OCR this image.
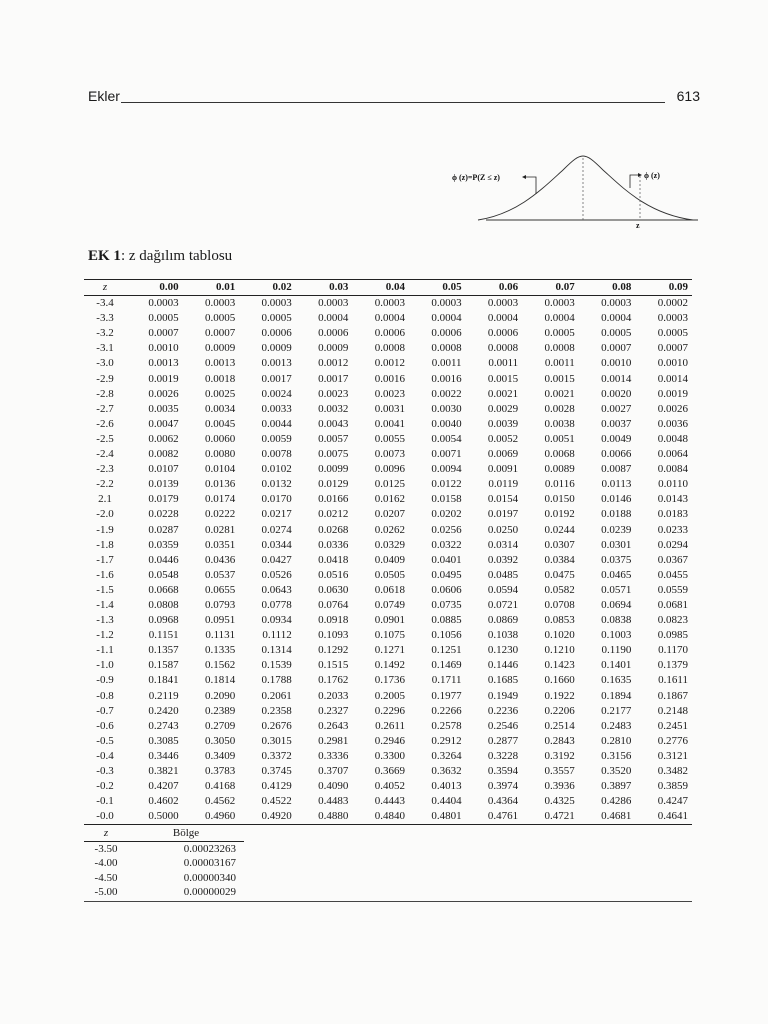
Ekler	613
ϕ (z)=P(Z ≤ z)	ϕ (z)
z
EK 1: z dağılım tablosu
z	0.00	0.01	0.02	0.03	0.04	0.05	0.06	0.07	0.08	0.09
-3.4	0.0003	0.0003	0.0003	0.0003	0.0003	0.0003	0.0003	0.0003	0.0003	0.0002
-3.3	0.0005	0.0005	0.0005	0.0004	0.0004	0.0004	0.0004	0.0004	0.0004	0.0003
-3.2	0.0007	0.0007	0.0006	0.0006	0.0006	0.0006	0.0006	0.0005	0.0005	0.0005
-3.1	0.0010	0.0009	0.0009	0.0009	0.0008	0.0008	0.0008	0.0008	0.0007	0.0007
-3.0	0.0013	0.0013	0.0013	0.0012	0.0012	0.0011	0.0011	0.0011	0.0010	0.0010
-2.9	0.0019	0.0018	0.0017	0.0017	0.0016	0.0016	0.0015	0.0015	0.0014	0.0014
-2.8	0.0026	0.0025	0.0024	0.0023	0.0023	0.0022	0.0021	0.0021	0.0020	0.0019
-2.7	0.0035	0.0034	0.0033	0.0032	0.0031	0.0030	0.0029	0.0028	0.0027	0.0026
-2.6	0.0047	0.0045	0.0044	0.0043	0.0041	0.0040	0.0039	0.0038	0.0037	0.0036
-2.5	0.0062	0.0060	0.0059	0.0057	0.0055	0.0054	0.0052	0.0051	0.0049	0.0048
-2.4	0.0082	0.0080	0.0078	0.0075	0.0073	0.0071	0.0069	0.0068	0.0066	0.0064
-2.3	0.0107	0.0104	0.0102	0.0099	0.0096	0.0094	0.0091	0.0089	0.0087	0.0084
-2.2	0.0139	0.0136	0.0132	0.0129	0.0125	0.0122	0.0119	0.0116	0.0113	0.0110
2.1	0.0179	0.0174	0.0170	0.0166	0.0162	0.0158	0.0154	0.0150	0.0146	0.0143
-2.0	0.0228	0.0222	0.0217	0.0212	0.0207	0.0202	0.0197	0.0192	0.0188	0.0183
-1.9	0.0287	0.0281	0.0274	0.0268	0.0262	0.0256	0.0250	0.0244	0.0239	0.0233
-1.8	0.0359	0.0351	0.0344	0.0336	0.0329	0.0322	0.0314	0.0307	0.0301	0.0294
-1.7	0.0446	0.0436	0.0427	0.0418	0.0409	0.0401	0.0392	0.0384	0.0375	0.0367
-1.6	0.0548	0.0537	0.0526	0.0516	0.0505	0.0495	0.0485	0.0475	0.0465	0.0455
-1.5	0.0668	0.0655	0.0643	0.0630	0.0618	0.0606	0.0594	0.0582	0.0571	0.0559
-1.4	0.0808	0.0793	0.0778	0.0764	0.0749	0.0735	0.0721	0.0708	0.0694	0.0681
-1.3	0.0968	0.0951	0.0934	0.0918	0.0901	0.0885	0.0869	0.0853	0.0838	0.0823
-1.2	0.1151	0.1131	0.1112	0.1093	0.1075	0.1056	0.1038	0.1020	0.1003	0.0985
-1.1	0.1357	0.1335	0.1314	0.1292	0.1271	0.1251	0.1230	0.1210	0.1190	0.1170
-1.0	0.1587	0.1562	0.1539	0.1515	0.1492	0.1469	0.1446	0.1423	0.1401	0.1379
-0.9	0.1841	0.1814	0.1788	0.1762	0.1736	0.1711	0.1685	0.1660	0.1635	0.1611
-0.8	0.2119	0.2090	0.2061	0.2033	0.2005	0.1977	0.1949	0.1922	0.1894	0.1867
-0.7	0.2420	0.2389	0.2358	0.2327	0.2296	0.2266	0.2236	0.2206	0.2177	0.2148
-0.6	0.2743	0.2709	0.2676	0.2643	0.2611	0.2578	0.2546	0.2514	0.2483	0.2451
-0.5	0.3085	0.3050	0.3015	0.2981	0.2946	0.2912	0.2877	0.2843	0.2810	0.2776
-0.4	0.3446	0.3409	0.3372	0.3336	0.3300	0.3264	0.3228	0.3192	0.3156	0.3121
-0.3	0.3821	0.3783	0.3745	0.3707	0.3669	0.3632	0.3594	0.3557	0.3520	0.3482
-0.2	0.4207	0.4168	0.4129	0.4090	0.4052	0.4013	0.3974	0.3936	0.3897	0.3859
-0.1	0.4602	0.4562	0.4522	0.4483	0.4443	0.4404	0.4364	0.4325	0.4286	0.4247
-0.0	0.5000	0.4960	0.4920	0.4880	0.4840	0.4801	0.4761	0.4721	0.4681	0.4641
z	Bölge
-3.50	0.00023263
-4.00	0.00003167
-4.50	0.00000340
-5.00	0.00000029
